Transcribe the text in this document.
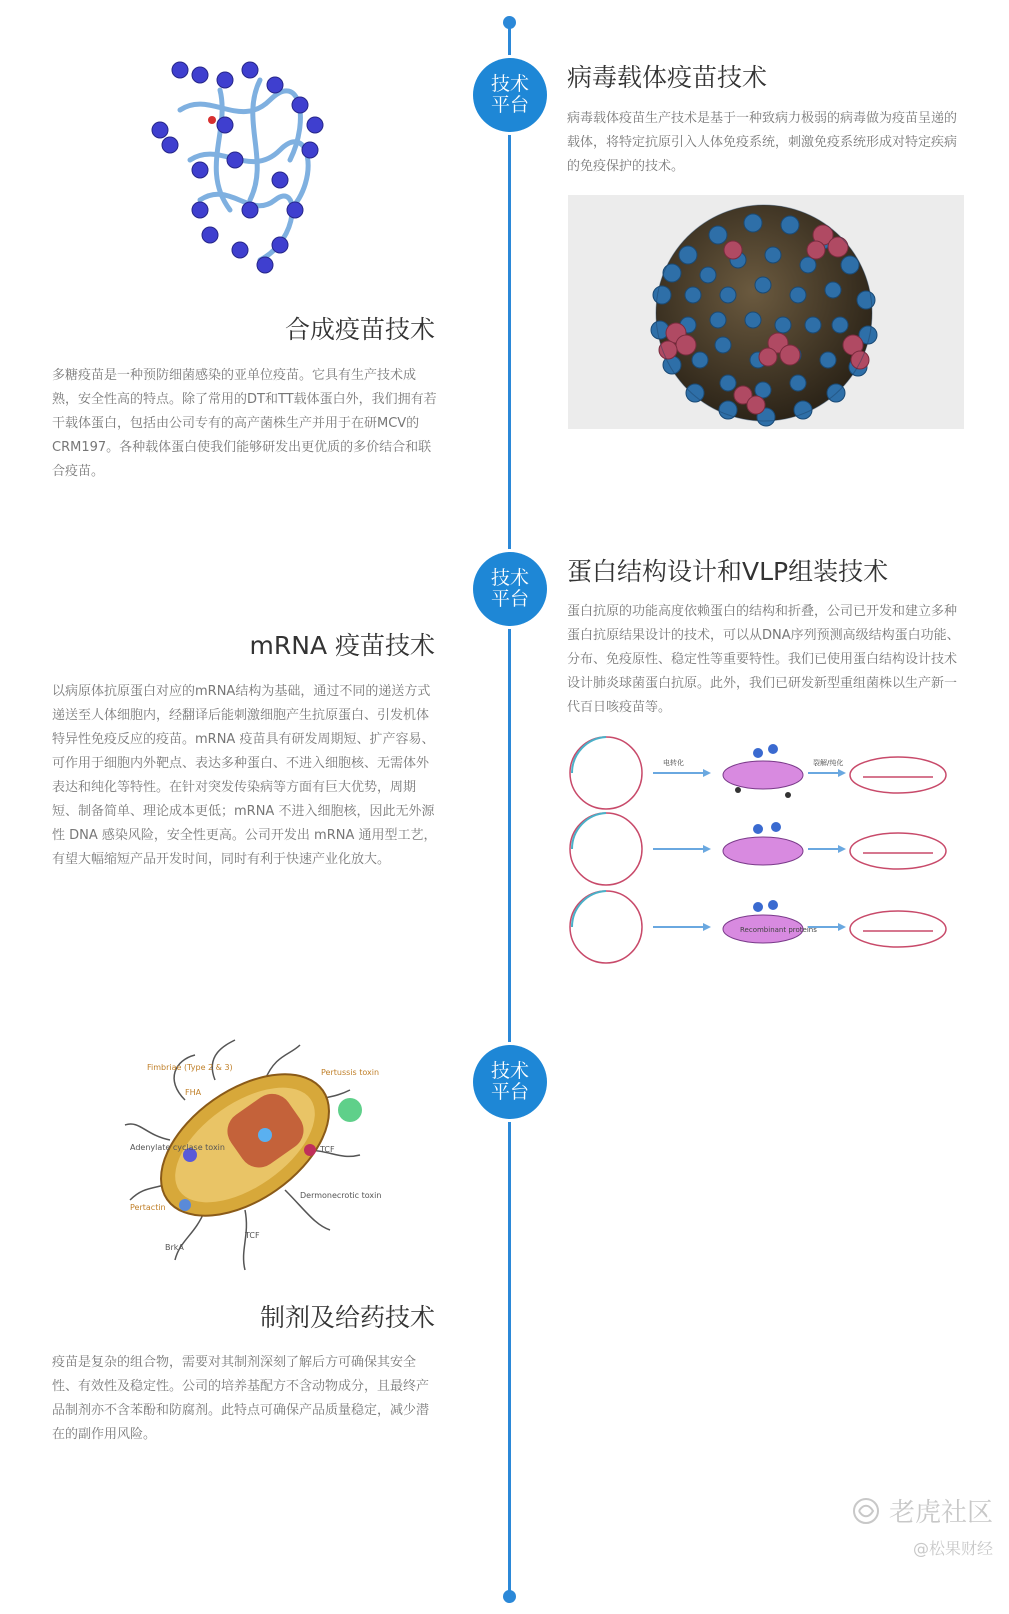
技术
平台
技术
平台
技术
平台
病毒载体疫苗技术
病毒载体疫苗生产技术是基于一种致病力极弱的病毒做为疫苗呈递的载体，将特定抗原引入人体免疫系统，刺激免疫系统形成对特定疾病的免疫保护的技术。
合成疫苗技术
多糖疫苗是一种预防细菌感染的亚单位疫苗。它具有生产技术成熟，安全性高的特点。除了常用的DT和TT载体蛋白外，我们拥有若干载体蛋白，包括由公司专有的高产菌株生产并用于在研MCV的CRM197。各种载体蛋白使我们能够研发出更优质的多价结合和联合疫苗。
蛋白结构设计和VLP组装技术
蛋白抗原的功能高度依赖蛋白的结构和折叠，公司已开发和建立多种蛋白抗原结果设计的技术，可以从DNA序列预测高级结构蛋白功能、分布、免疫原性、稳定性等重要特性。我们已使用蛋白结构设计技术设计肺炎球菌蛋白抗原。此外，我们已研发新型重组菌株以生产新一代百日咳疫苗等。
电转化	裂解/纯化
Recombinant proteins
mRNA 疫苗技术
以病原体抗原蛋白对应的mRNA结构为基础，通过不同的递送方式递送至人体细胞内，经翻译后能刺激细胞产生抗原蛋白、引发机体特异性免疫反应的疫苗。mRNA 疫苗具有研发周期短、扩产容易、可作用于细胞内外靶点、表达多种蛋白、不进入细胞核、无需体外表达和纯化等特性。在针对突发传染病等方面有巨大优势，周期短、制备简单、理论成本更低；mRNA 不进入细胞核，因此无外源性 DNA 感染风险，安全性更高。公司开发出 mRNA 通用型工艺，有望大幅缩短产品开发时间，同时有利于快速产业化放大。
Fimbriae (Type 2 & 3)
FHA
Pertussis toxin
Adenylate cyclase toxin	TCF
Dermonecrotic toxin
Pertactin
BrkA
TCF
制剂及给药技术
疫苗是复杂的组合物，需要对其制剂深刻了解后方可确保其安全性、有效性及稳定性。公司的培养基配方不含动物成分，且最终产品制剂亦不含苯酚和防腐剂。此特点可确保产品质量稳定，减少潜在的副作用风险。
老虎社区
@松果财经
